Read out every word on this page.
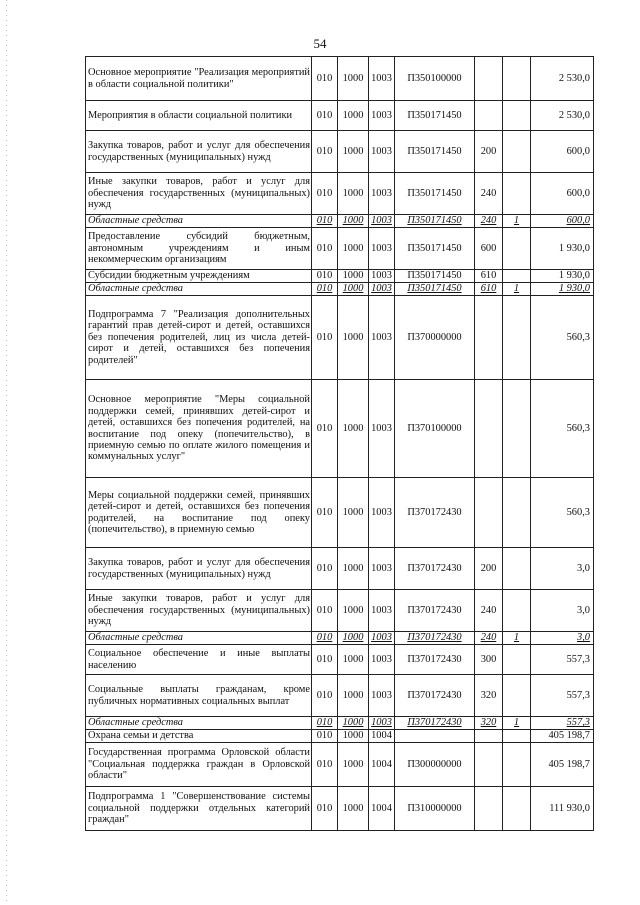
54
Основное мероприятие "Реализация мероприятий в области социальной политики"	010	1000	1003	П350100000			2 530,0
Мероприятия в области социальной политики	010	1000	1003	П350171450			2 530,0
Закупка товаров, работ и услуг для обеспечения государственных (муниципальных) нужд	010	1000	1003	П350171450	200		600,0
Иные закупки товаров, работ и услуг для обеспечения государственных (муниципальных) нужд	010	1000	1003	П350171450	240		600,0
Областные средства	010	1000	1003	П350171450	240	1	600,0
Предоставление субсидий бюджетным, автономным учреждениям и иным некоммерческим организациям	010	1000	1003	П350171450	600		1 930,0
Субсидии бюджетным учреждениям	010	1000	1003	П350171450	610		1 930,0
Областные средства	010	1000	1003	П350171450	610	1	1 930,0
Подпрограмма 7 "Реализация дополнительных гарантий прав детей-сирот и детей, оставшихся без попечения родителей, лиц из числа детей-сирот и детей, оставшихся без попечения родителей"	010	1000	1003	П370000000			560,3
Основное мероприятие "Меры социальной поддержки семей, принявших детей-сирот и детей, оставшихся без попечения родителей, на воспитание под опеку (попечительство), в приемную семью по оплате жилого помещения и коммунальных услуг"	010	1000	1003	П370100000			560,3
Меры социальной поддержки семей, принявших детей-сирот и детей, оставшихся без попечения родителей, на воспитание под опеку (попечительство), в приемную семью	010	1000	1003	П370172430			560,3
Закупка товаров, работ и услуг для обеспечения государственных (муниципальных) нужд	010	1000	1003	П370172430	200		3,0
Иные закупки товаров, работ и услуг для обеспечения государственных (муниципальных) нужд	010	1000	1003	П370172430	240		3,0
Областные средства	010	1000	1003	П370172430	240	1	3,0
Социальное обеспечение и иные выплаты населению	010	1000	1003	П370172430	300		557,3
Социальные выплаты гражданам, кроме публичных нормативных социальных выплат	010	1000	1003	П370172430	320		557,3
Областные средства	010	1000	1003	П370172430	320	1	557,3
Охрана семьи и детства	010	1000	1004				405 198,7
Государственная программа Орловской области "Социальная поддержка граждан в Орловской области"	010	1000	1004	П300000000			405 198,7
Подпрограмма 1 "Совершенствование системы социальной поддержки отдельных категорий граждан"	010	1000	1004	П310000000			111 930,0
